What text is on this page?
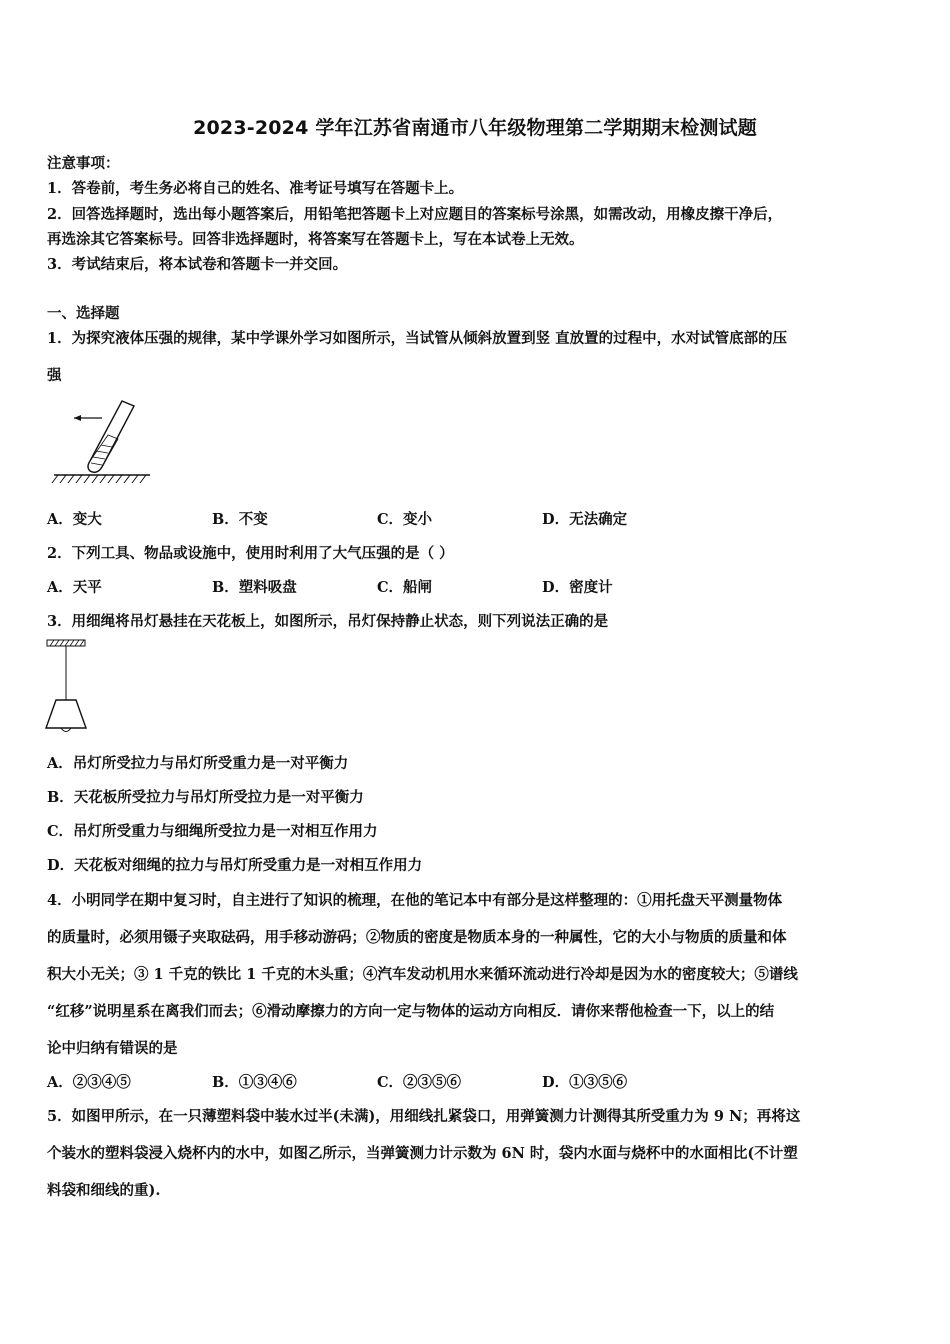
2023-2024 学年江苏省南通市八年级物理第二学期期末检测试题
注意事项：
1．答卷前，考生务必将自己的姓名、准考证号填写在答题卡上。
2．回答选择题时，选出每小题答案后，用铅笔把答题卡上对应题目的答案标号涂黑，如需改动，用橡皮擦干净后，
再选涂其它答案标号。回答非选择题时，将答案写在答题卡上，写在本试卷上无效。
3．考试结束后，将本试卷和答题卡一并交回。
一、选择题
1．为探究液体压强的规律，某中学课外学习如图所示，当试管从倾斜放置到竖 直放置的过程中，水对试管底部的压
强
A．变大	B．不变	C．变小	D．无法确定
2．下列工具、物品或设施中，使用时利用了大气压强的是（ ）
A．天平	B．塑料吸盘	C．船闸	D．密度计
3．用细绳将吊灯悬挂在天花板上，如图所示，吊灯保持静止状态，则下列说法正确的是
A．吊灯所受拉力与吊灯所受重力是一对平衡力
B．天花板所受拉力与吊灯所受拉力是一对平衡力
C．吊灯所受重力与细绳所受拉力是一对相互作用力
D．天花板对细绳的拉力与吊灯所受重力是一对相互作用力
4．小明同学在期中复习时，自主进行了知识的梳理，在他的笔记本中有部分是这样整理的：①用托盘天平测量物体
的质量时，必须用镊子夹取砝码，用手移动游码；②物质的密度是物质本身的一种属性，它的大小与物质的质量和体
积大小无关；③ 1 千克的铁比 1 千克的木头重；④汽车发动机用水来循环流动进行冷却是因为水的密度较大；⑤谱线
“红移”说明星系在离我们而去；⑥滑动摩擦力的方向一定与物体的运动方向相反．请你来帮他检查一下，以上的结
论中归纳有错误的是
A．②③④⑤	B．①③④⑥	C．②③⑤⑥	D．①③⑤⑥
5．如图甲所示，在一只薄塑料袋中装水过半(未满)，用细线扎紧袋口，用弹簧测力计测得其所受重力为 9 N；再将这
个装水的塑料袋浸入烧杯内的水中，如图乙所示，当弹簧测力计示数为 6N 时，袋内水面与烧杯中的水面相比(不计塑
料袋和细线的重).
